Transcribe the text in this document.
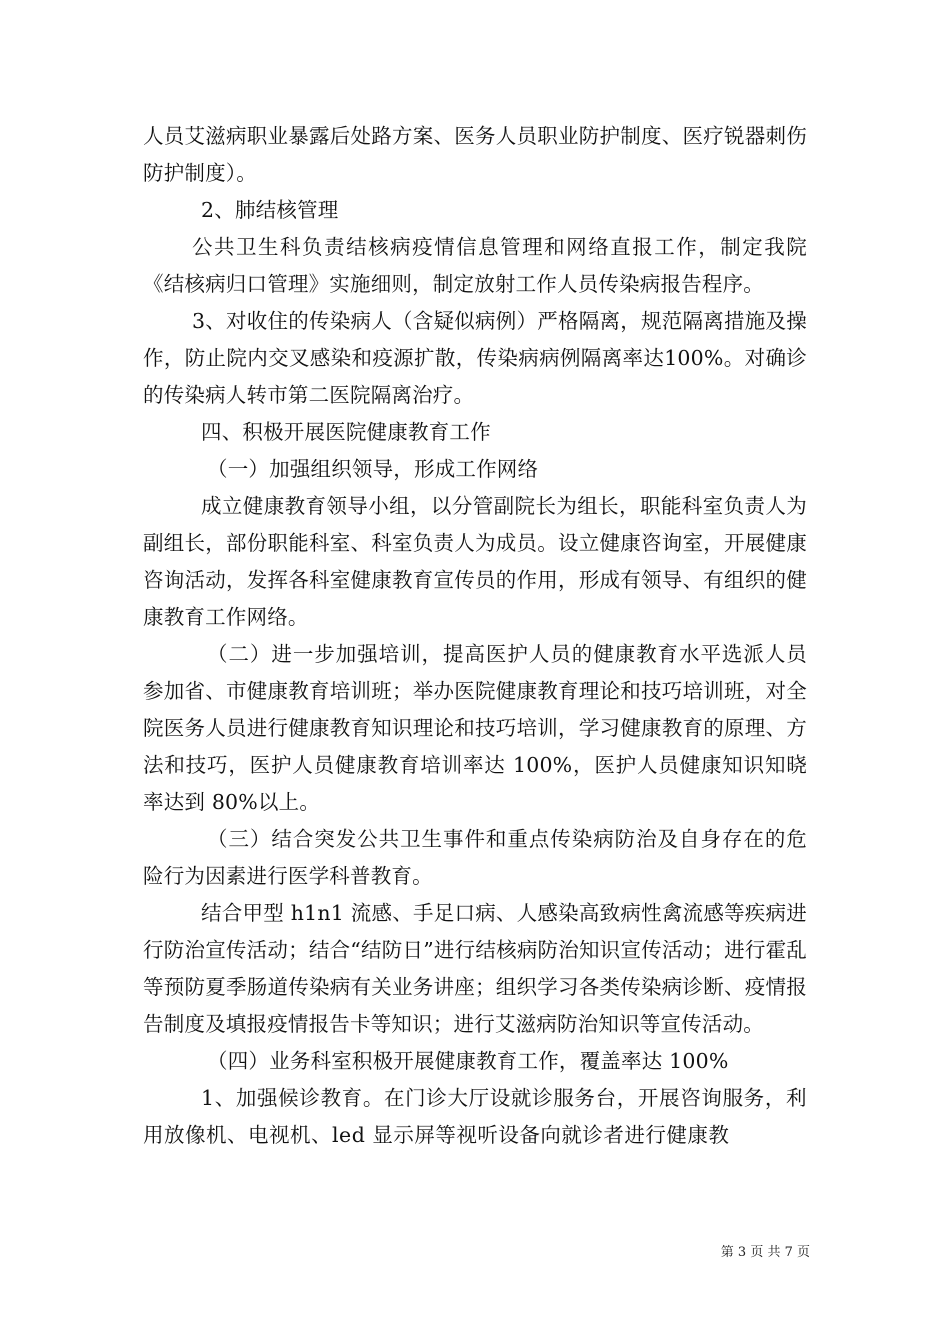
人员艾滋病职业暴露后处路方案、医务人员职业防护制度、医疗锐器刺伤防护制度）。

2、肺结核管理

公共卫生科负责结核病疫情信息管理和网络直报工作，制定我院《结核病归口管理》实施细则，制定放射工作人员传染病报告程序。

3、对收住的传染病人（含疑似病例）严格隔离，规范隔离措施及操作，防止院内交叉感染和疫源扩散，传染病病例隔离率达100%。对确诊的传染病人转市第二医院隔离治疗。

四、积极开展医院健康教育工作

（一）加强组织领导，形成工作网络

成立健康教育领导小组，以分管副院长为组长，职能科室负责人为副组长，部份职能科室、科室负责人为成员。设立健康咨询室，开展健康咨询活动，发挥各科室健康教育宣传员的作用，形成有领导、有组织的健康教育工作网络。

（二）进一步加强培训，提高医护人员的健康教育水平选派人员参加省、市健康教育培训班；举办医院健康教育理论和技巧培训班，对全院医务人员进行健康教育知识理论和技巧培训，学习健康教育的原理、方法和技巧，医护人员健康教育培训率达 100%，医护人员健康知识知晓率达到 80%以上。

（三）结合突发公共卫生事件和重点传染病防治及自身存在的危险行为因素进行医学科普教育。

结合甲型 h1n1 流感、手足口病、人感染高致病性禽流感等疾病进行防治宣传活动；结合“结防日”进行结核病防治知识宣传活动；进行霍乱等预防夏季肠道传染病有关业务讲座；组织学习各类传染病诊断、疫情报告制度及填报疫情报告卡等知识；进行艾滋病防治知识等宣传活动。

（四）业务科室积极开展健康教育工作，覆盖率达 100%

1、加强候诊教育。在门诊大厅设就诊服务台，开展咨询服务，利用放像机、电视机、led 显示屏等视听设备向就诊者进行健康教

第 3 页 共 7 页
